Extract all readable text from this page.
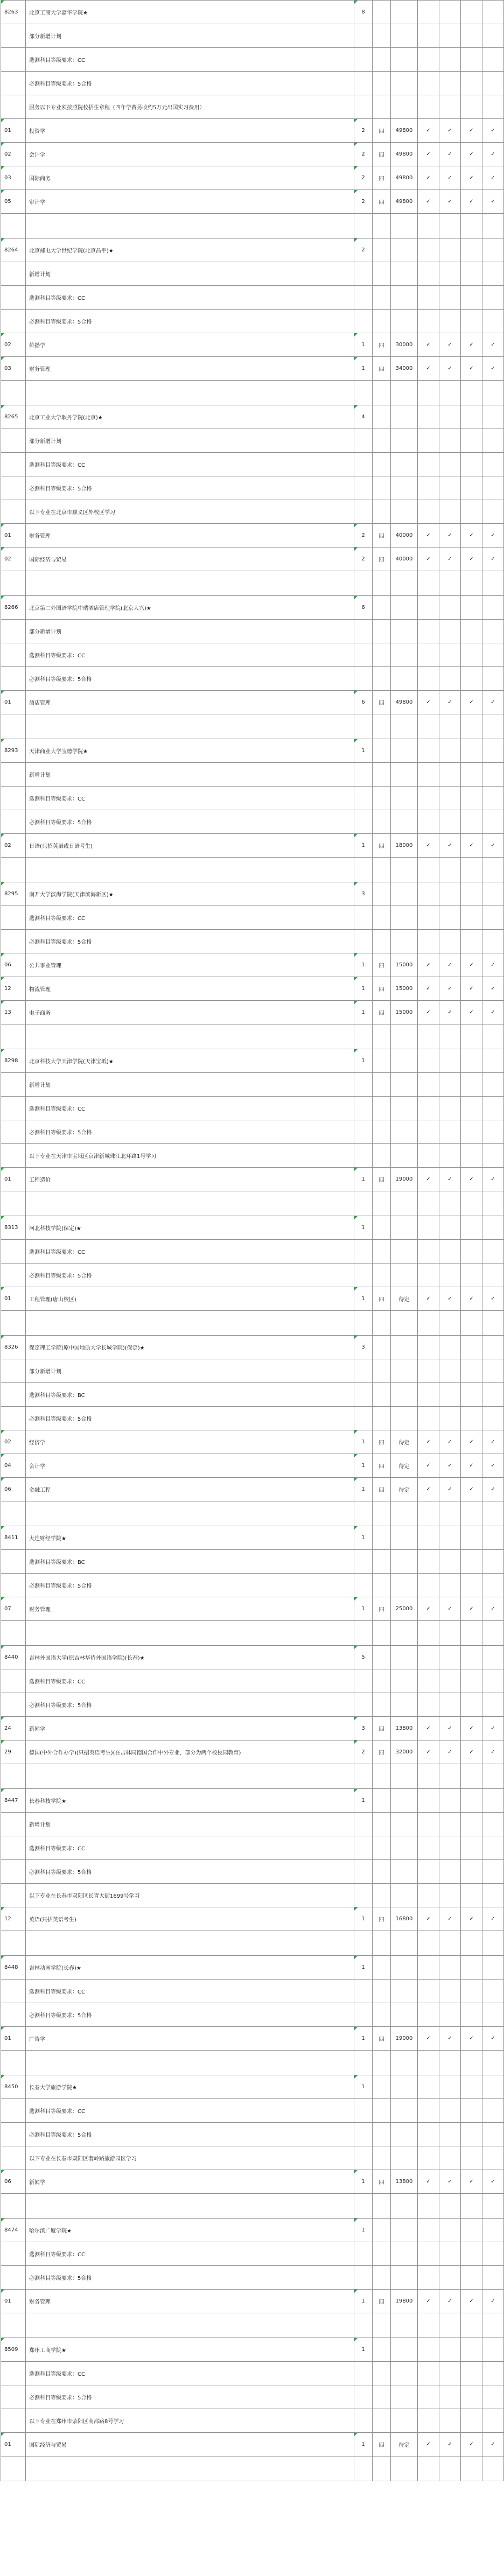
8263	北京工商大学嘉华学院★	8						
	部分新增计划							
	选测科目等级要求：CC							
	必测科目等级要求：5合格							
	服务以下专业须按照院校招生章程（四年学费另收约5万元出国实习费用）							
01	投资学	2	四	49800	✓	✓	✓	✓
02	会计学	2	四	49800	✓	✓	✓	✓
03	国际商务	2	四	49800	✓	✓	✓	✓
05	审计学	2	四	49800	✓	✓	✓	✓

8264	北京邮电大学世纪学院(北京昌平)★	2						
	新增计划							
	选测科目等级要求：CC							
	必测科目等级要求：5合格							
02	传播学	1	四	30000	✓	✓	✓	✓
03	财务管理	1	四	34000	✓	✓	✓	✓

8265	北京工业大学耿丹学院(北京)★	4						
	部分新增计划							
	选测科目等级要求：CC							
	必测科目等级要求：5合格							
	以下专业在北京市顺义区外校区学习							
01	财务管理	2	四	40000	✓	✓	✓	✓
02	国际经济与贸易	2	四	40000	✓	✓	✓	✓

8266	北京第二外国语学院中瑞酒店管理学院(北京大兴)★	6						
	部分新增计划							
	选测科目等级要求：CC							
	必测科目等级要求：5合格							
01	酒店管理	6	四	49800	✓	✓	✓	✓

8293	天津商业大学宝德学院★	1						
	新增计划							
	选测科目等级要求：CC							
	必测科目等级要求：5合格							
02	日语(只招英语或日语考生)	1	四	18000	✓	✓	✓	✓

8295	南开大学滨海学院(天津滨海新区)★	3						
	选测科目等级要求：CC							
	必测科目等级要求：5合格							
06	公共事业管理	1	四	15000	✓	✓	✓	✓
12	物流管理	1	四	15000	✓	✓	✓	✓
13	电子商务	1	四	15000	✓	✓	✓	✓

8298	北京科技大学天津学院(天津宝坻)★	1						
	新增计划							
	选测科目等级要求：CC							
	必测科目等级要求：5合格							
	以下专业在天津市宝坻区京津新城珠江北环路1号学习							
01	工程造价	1	四	19000	✓	✓	✓	✓

8313	河北科技学院(保定)★	1						
	选测科目等级要求：CC							
	必测科目等级要求：5合格							
01	工程管理(唐山校区)	1	四	待定	✓	✓	✓	✓

8326	保定理工学院(原中国地质大学长城学院)(保定)★	3						
	部分新增计划							
	选测科目等级要求：BC							
	必测科目等级要求：5合格							
02	经济学	1	四	待定	✓	✓	✓	✓
04	会计学	1	四	待定	✓	✓	✓	✓
06	金融工程	1	四	待定	✓	✓	✓	✓

8411	大连财经学院★	1						
	选测科目等级要求：BC							
	必测科目等级要求：5合格							
07	财务管理	1	四	25000	✓	✓	✓	✓

8440	吉林外国语大学(原吉林华侨外国语学院)(长春)★	5						
	选测科目等级要求：CC							
	必测科目等级要求：5合格							
24	新闻学	3	四	13800	✓	✓	✓	✓
29	德国(中外合作办学)(只招英语考生)(在吉林同德国合作中外专业，部分为两个校校园教育)	2	四	32000	✓	✓	✓	✓

8447	长春科技学院★	1						
	新增计划							
	选测科目等级要求：CC							
	必测科目等级要求：5合格							
	以下专业在长春市双阳区长青大街1699号学习							
12	英语(只招英语考生)	1	四	16800	✓	✓	✓	✓

8448	吉林动画学院(长春)★	1						
	选测科目等级要求：CC							
	必测科目等级要求：5合格							
01	广告学	1	四	19000	✓	✓	✓	✓

8450	长春大学旅游学院★	1						
	选测科目等级要求：CC							
	必测科目等级要求：5合格							
	以下专业在长春市双阳区奢岭路旅游园区学习							
06	新闻学	1	四	13800	✓	✓	✓	✓

8474	哈尔滨广厦学院★	1						
	选测科目等级要求：CC							
	必测科目等级要求：5合格							
01	财务管理	1	四	19800	✓	✓	✓	✓

8509	郑州工商学院★	1						
	选测科目等级要求：CC							
	必测科目等级要求：5合格							
	以下专业在郑州市荥阳区商都路8号学习							
01	国际经济与贸易	1	四	待定	✓	✓	✓	✓
